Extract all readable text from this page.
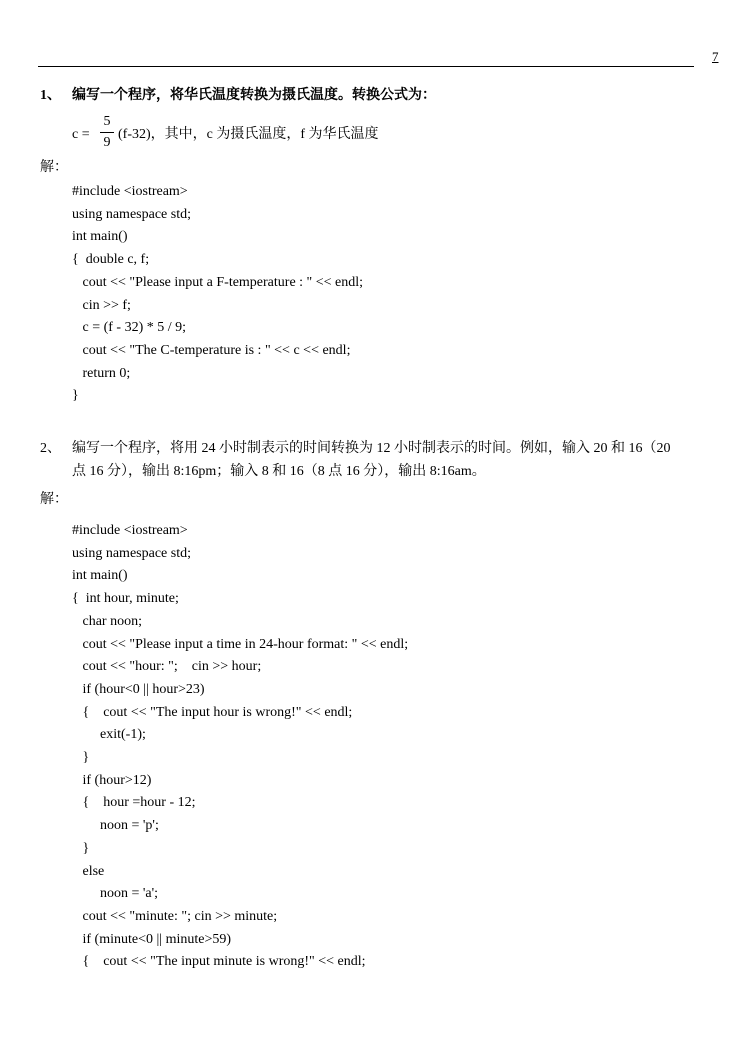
7
1、 编写一个程序，将华氏温度转换为摄氏温度。转换公式为：
c =
5
9
(f-32)，其中，c 为摄氏温度，f 为华氏温度
解：
#include <iostream>
using namespace std;
int main()
{  double c, f;
cout << "Please input a F-temperature : " << endl;
cin >> f;
c = (f - 32) * 5 / 9;
cout << "The C-temperature is : " << c << endl;
return 0;
}
2、 编写一个程序，将用 24 小时制表示的时间转换为 12 小时制表示的时间。例如，输入 20 和 16（20
点 16 分），输出 8:16pm；输入 8 和 16（8 点 16 分），输出 8:16am。
解：
#include <iostream>
using namespace std;
int main()
{  int hour, minute;
char noon;
cout << "Please input a time in 24-hour format: " << endl;
cout << "hour: ";    cin >> hour;
if (hour<0 || hour>23)
{    cout << "The input hour is wrong!" << endl;
exit(-1);
}
if (hour>12)
{    hour =hour - 12;
noon = 'p';
}
else
noon = 'a';
cout << "minute: "; cin >> minute;
if (minute<0 || minute>59)
{    cout << "The input minute is wrong!" << endl;
